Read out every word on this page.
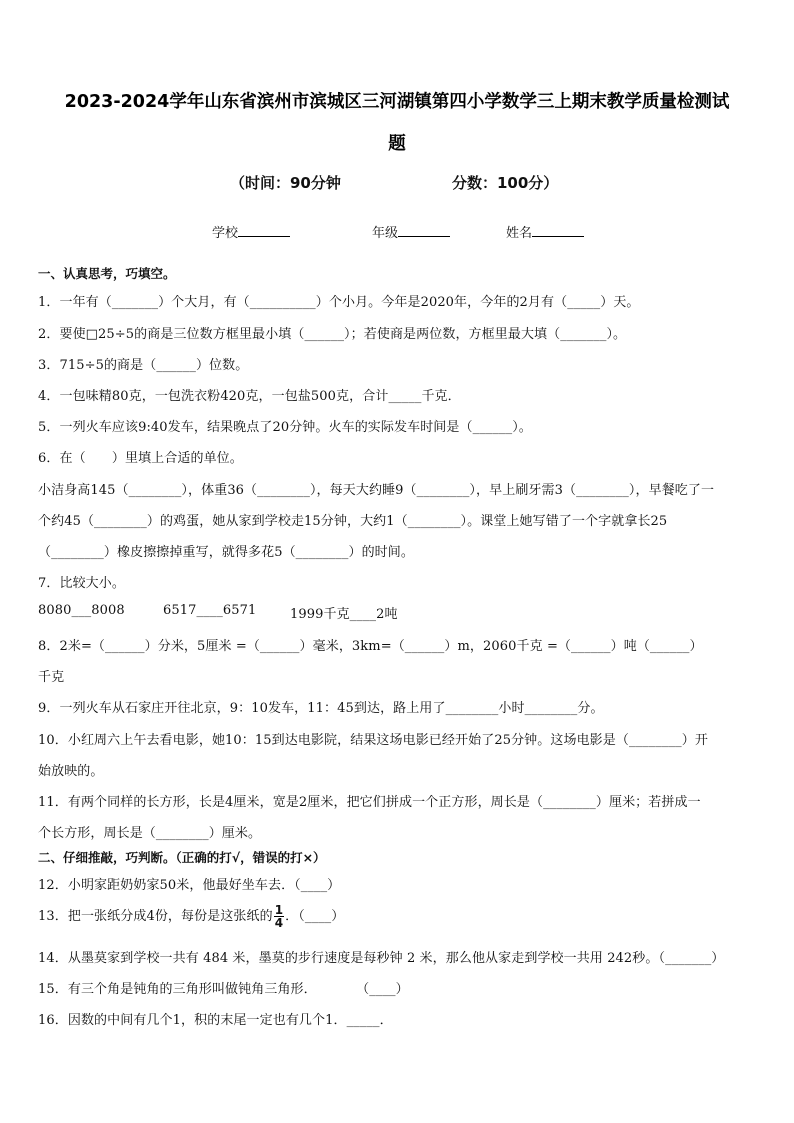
2023-2024学年山东省滨州市滨城区三河湖镇第四小学数学三上期末教学质量检测试
题
（时间：90分钟	分数：100分）
学校	年级	姓名
一、认真思考，巧填空。
1．一年有（_______）个大月，有（__________）个小月。今年是2020年，今年的2月有（_____）天。
2．要使□25÷5的商是三位数方框里最小填（______）；若使商是两位数，方框里最大填（_______）。
3．715÷5的商是（______）位数。
4．一包味精80克，一包洗衣粉420克，一包盐500克，合计_____千克．
5．一列火车应该9:40发车，结果晚点了20分钟。火车的实际发车时间是（______）。
6．在（　　）里填上合适的单位。
小洁身高145（________），体重36（________），每天大约睡9（________），早上刷牙需3（________），早餐吃了一
个约45（________）的鸡蛋，她从家到学校走15分钟，大约1（________）。课堂上她写错了一个字就拿长25
（________）橡皮擦擦掉重写，就得多花5（________）的时间。
7．比较大小。
8080___8008	6517____6571	1999千克____2吨
8．2米=（______）分米，5厘米 =（______）毫米，3km=（______）m，2060千克 =（______）吨（______）
千克
9．一列火车从石家庄开往北京，9：10发车，11：45到达，路上用了________小时________分。
10．小红周六上午去看电影，她10：15到达电影院，结果这场电影已经开始了25分钟。这场电影是（________）开
始放映的。
11．有两个同样的长方形，长是4厘米，宽是2厘米，把它们拼成一个正方形，周长是（________）厘米；若拼成一
个长方形，周长是（________）厘米。
二、仔细推敲，巧判断。（正确的打√，错误的打×）
12．小明家距奶奶家50米，他最好坐车去．（____）
13．把一张纸分成4份，每份是这张纸的 $\frac{1}{4}$ ．（____）
14．从墨莫家到学校一共有 484 米，墨莫的步行速度是每秒钟 2 米，那么他从家走到学校一共用 242秒。（_______）
15．有三个角是钝角的三角形叫做钝角三角形．　　　　（____）
16．因数的中间有几个1，积的末尾一定也有几个1．_____．
